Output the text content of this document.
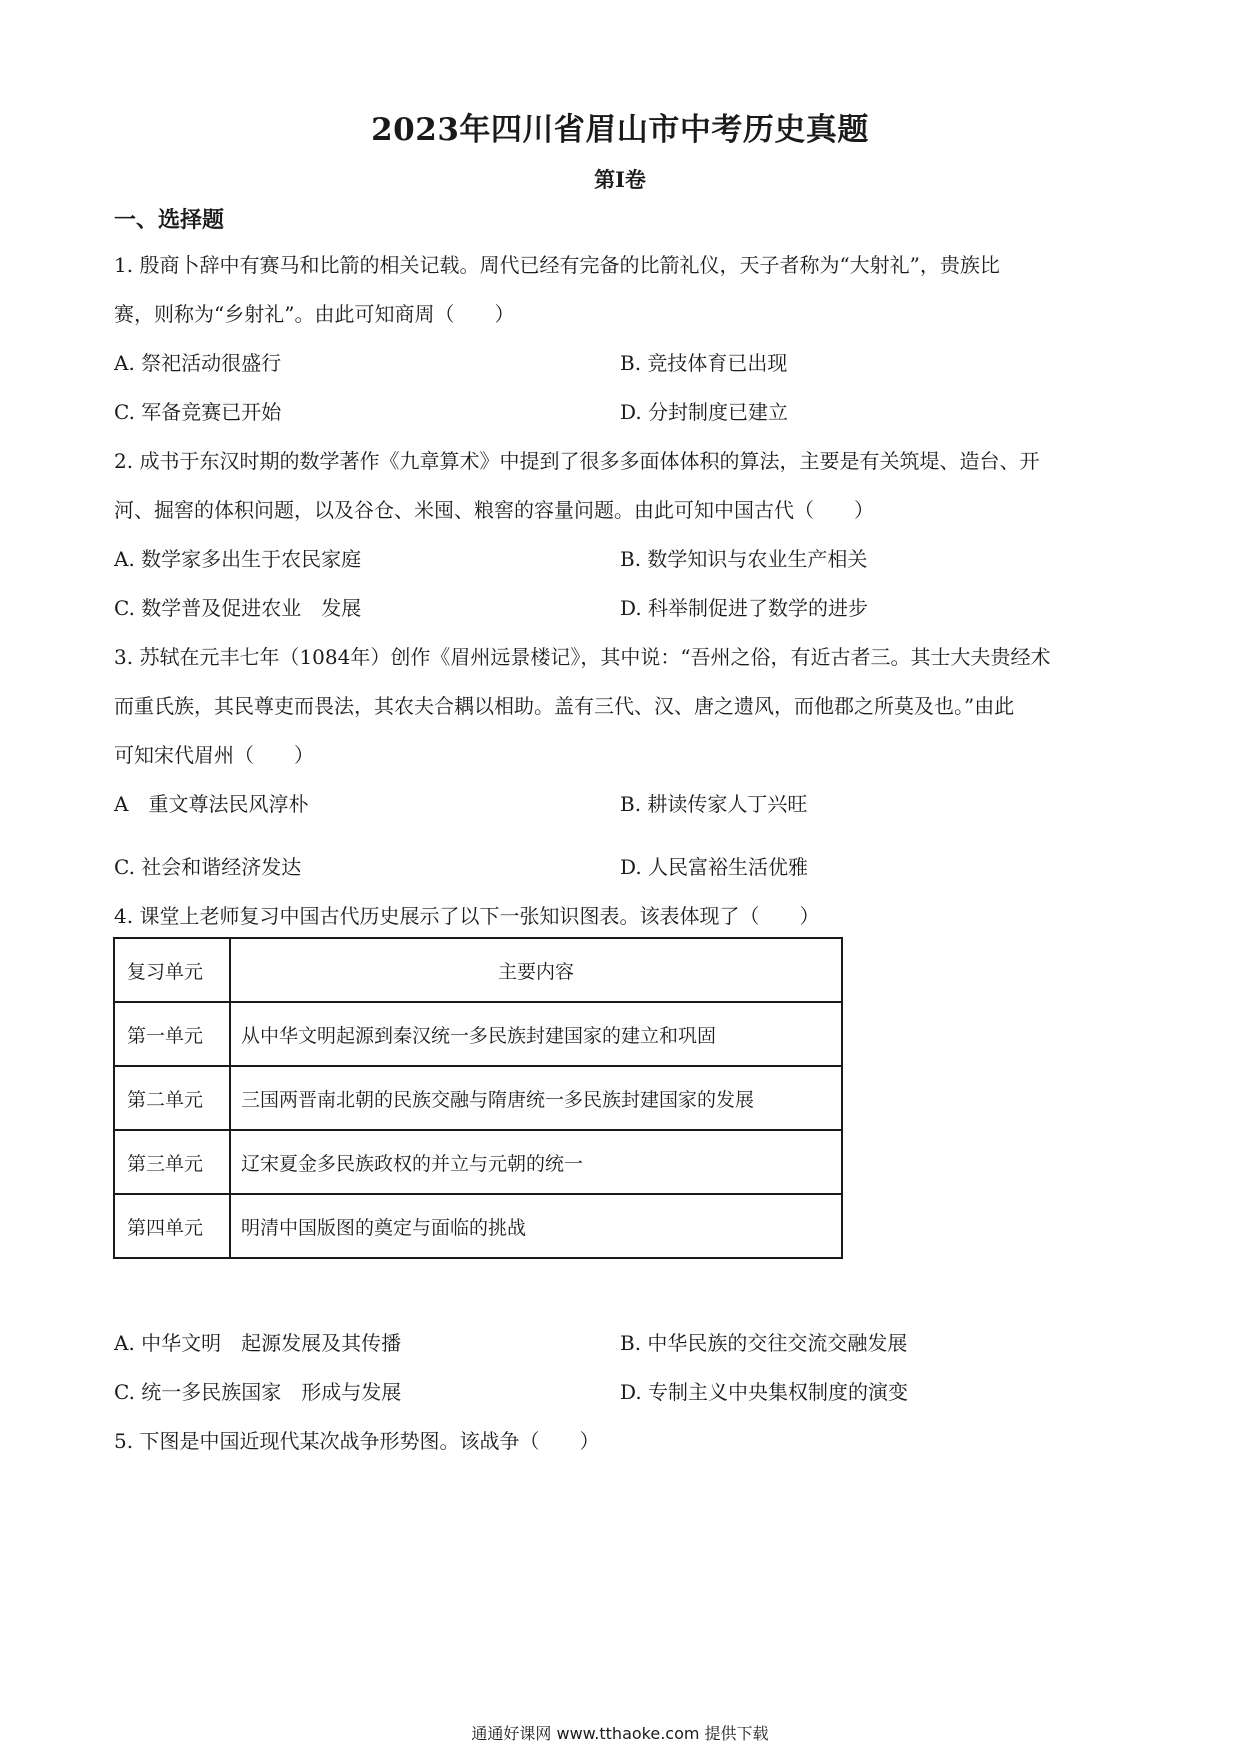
2023年四川省眉山市中考历史真题
第I卷
一、选择题
1. 殷商卜辞中有赛马和比箭的相关记载。周代已经有完备的比箭礼仪，天子者称为“大射礼”，贵族比
赛，则称为“乡射礼”。由此可知商周（　　）
A. 祭祀活动很盛行	B. 竞技体育已出现
C. 军备竞赛已开始	D. 分封制度已建立
2. 成书于东汉时期的数学著作《九章算术》中提到了很多多面体体积的算法，主要是有关筑堤、造台、开
河、掘窖的体积问题，以及谷仓、米囤、粮窖的容量问题。由此可知中国古代（　　）
A. 数学家多出生于农民家庭	B. 数学知识与农业生产相关
C. 数学普及促进农业　发展	D. 科举制促进了数学的进步
3. 苏轼在元丰七年（1084年）创作《眉州远景楼记》，其中说：“吾州之俗，有近古者三。其士大夫贵经术
而重氏族，其民尊吏而畏法，其农夫合耦以相助。盖有三代、汉、唐之遗风，而他郡之所莫及也。”由此
可知宋代眉州（　　）
A　重文尊法民风淳朴	B. 耕读传家人丁兴旺
C. 社会和谐经济发达	D. 人民富裕生活优雅
4. 课堂上老师复习中国古代历史展示了以下一张知识图表。该表体现了（　　）
复习单元	主要内容
第一单元	从中华文明起源到秦汉统一多民族封建国家的建立和巩固
第二单元	三国两晋南北朝的民族交融与隋唐统一多民族封建国家的发展
第三单元	辽宋夏金多民族政权的并立与元朝的统一
第四单元	明清中国版图的奠定与面临的挑战
A. 中华文明　起源发展及其传播	B. 中华民族的交往交流交融发展
C. 统一多民族国家　形成与发展	D. 专制主义中央集权制度的演变
5. 下图是中国近现代某次战争形势图。该战争（　　）
通通好课网 www.tthaoke.com 提供下载
